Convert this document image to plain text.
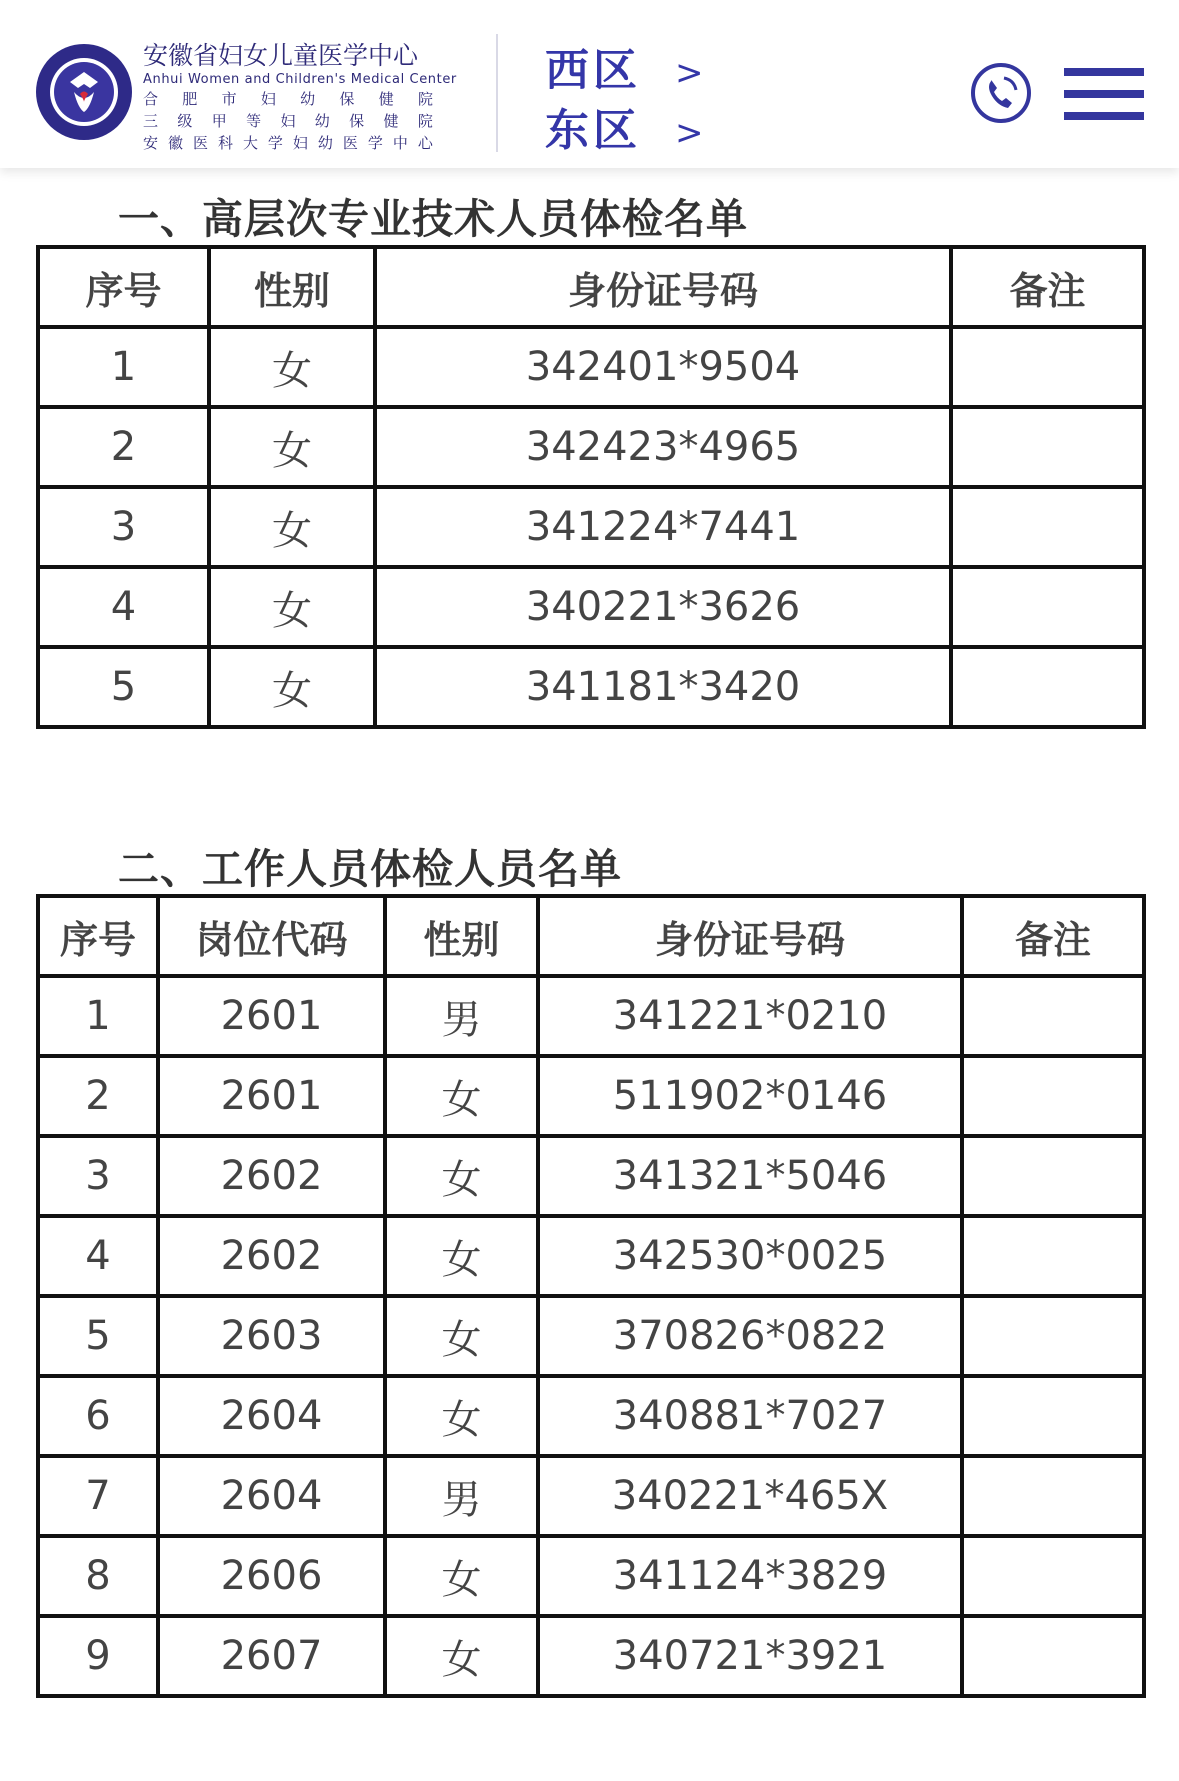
安徽省妇女儿童医学中心
Anhui Women and Children's Medical Center
合 肥 市 妇 幼 保 健 院
三 级 甲 等 妇 幼 保 健 院
安 徽 医 科 大 学 妇 幼 医 学 中 心
西区 >
东区 >
一、高层次专业技术人员体检名单
序号	性别	身份证号码	备注
1	女	342401*9504	
2	女	342423*4965	
3	女	341224*7441	
4	女	340221*3626	
5	女	341181*3420	
二、工作人员体检人员名单
序号	岗位代码	性别	身份证号码	备注
1	2601	男	341221*0210	
2	2601	女	511902*0146	
3	2602	女	341321*5046	
4	2602	女	342530*0025	
5	2603	女	370826*0822	
6	2604	女	340881*7027	
7	2604	男	340221*465X	
8	2606	女	341124*3829	
9	2607	女	340721*3921	
